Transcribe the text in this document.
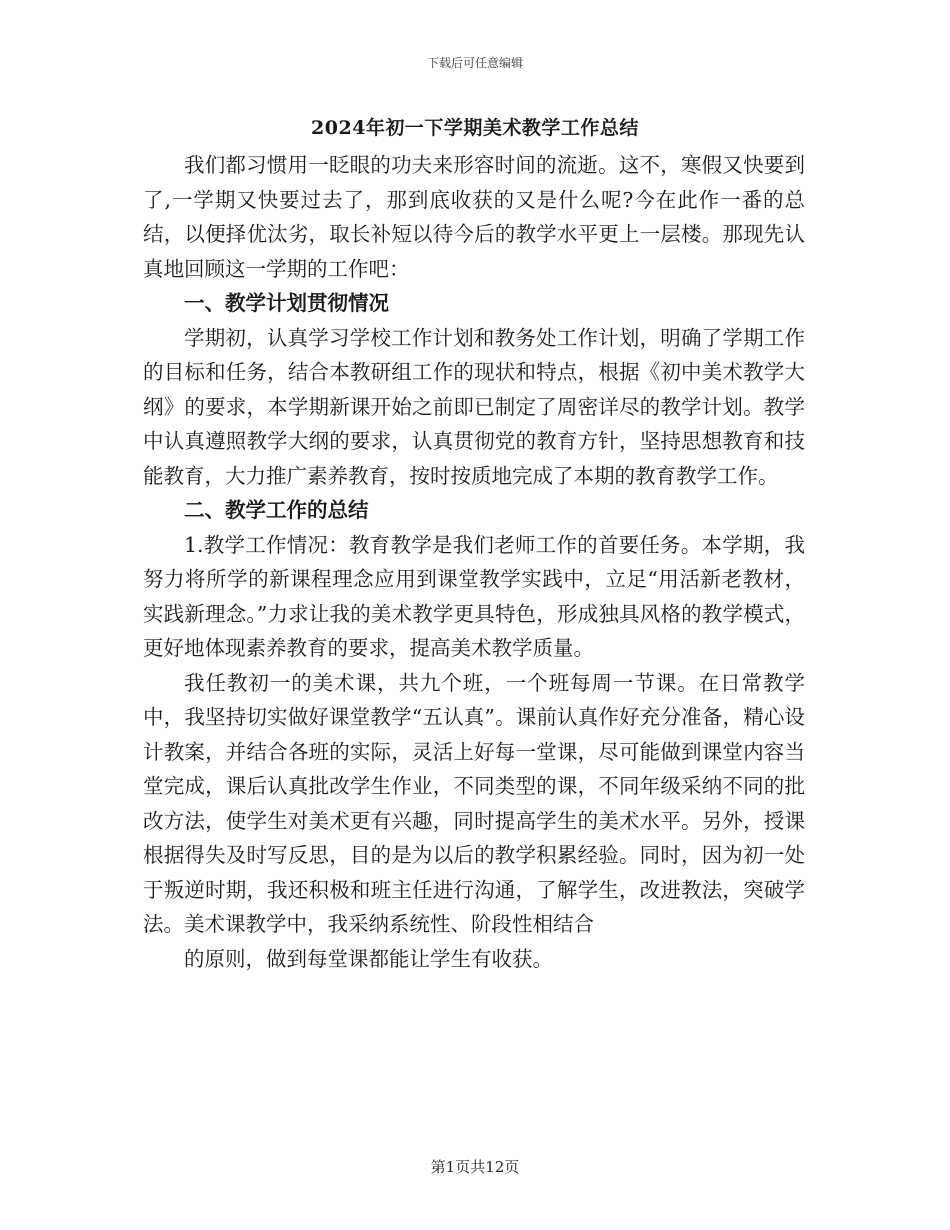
下载后可任意编辑
2024年初一下学期美术教学工作总结

我们都习惯用一眨眼的功夫来形容时间的流逝。这不，寒假又快要到了,一学期又快要过去了，那到底收获的又是什么呢?今在此作一番的总结，以便择优汰劣，取长补短以待今后的教学水平更上一层楼。那现先认真地回顾这一学期的工作吧：

一、教学计划贯彻情况

学期初，认真学习学校工作计划和教务处工作计划，明确了学期工作的目标和任务，结合本教研组工作的现状和特点，根据《初中美术教学大纲》的要求，本学期新课开始之前即已制定了周密详尽的教学计划。教学中认真遵照教学大纲的要求，认真贯彻党的教育方针，坚持思想教育和技能教育，大力推广素养教育，按时按质地完成了本期的教育教学工作。

二、教学工作的总结

1.教学工作情况：教育教学是我们老师工作的首要任务。本学期，我努力将所学的新课程理念应用到课堂教学实践中，立足“用活新老教材，实践新理念。”力求让我的美术教学更具特色，形成独具风格的教学模式，更好地体现素养教育的要求，提高美术教学质量。

我任教初一的美术课，共九个班，一个班每周一节课。在日常教学中，我坚持切实做好课堂教学“五认真”。课前认真作好充分准备，精心设计教案，并结合各班的实际，灵活上好每一堂课，尽可能做到课堂内容当堂完成，课后认真批改学生作业，不同类型的课，不同年级采纳不同的批改方法，使学生对美术更有兴趣，同时提高学生的美术水平。另外，授课根据得失及时写反思，目的是为以后的教学积累经验。同时，因为初一处于叛逆时期，我还积极和班主任进行沟通，了解学生，改进教法，突破学法。美术课教学中，我采纳系统性、阶段性相结合

的原则，做到每堂课都能让学生有收获。

第1页共12页
